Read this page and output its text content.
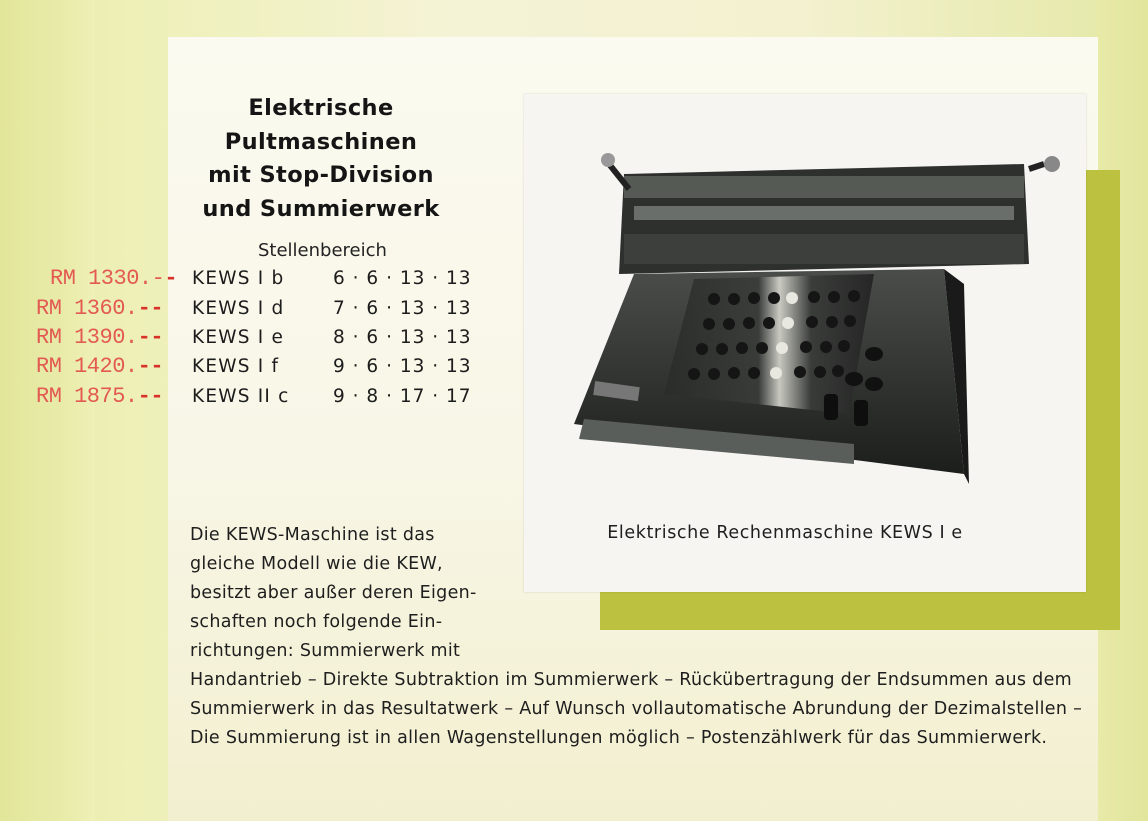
Elektrische
Pultmaschinen
mit Stop-Division
und Summierwerk
Stellenbereich
RM 1330.-- KEWS I b	6 · 6 · 13 · 13
RM 1360.-- KEWS I d	7 · 6 · 13 · 13
RM 1390.-- KEWS I e	8 · 6 · 13 · 13
RM 1420.-- KEWS I f	9 · 6 · 13 · 13
RM 1875.-- KEWS II c 9 · 8 · 17 · 17
Elektrische Rechenmaschine KEWS I e
Die KEWS-Maschine ist das
gleiche Modell wie die KEW,
besitzt aber außer deren Eigen-
schaften noch folgende Ein-
richtungen: Summierwerk mit
Handantrieb – Direkte Subtraktion im Summierwerk – Rückübertragung der Endsummen aus dem
Summierwerk in das Resultatwerk – Auf Wunsch vollautomatische Abrundung der Dezimalstellen –
Die Summierung ist in allen Wagenstellungen möglich – Postenzählwerk für das Summierwerk.
